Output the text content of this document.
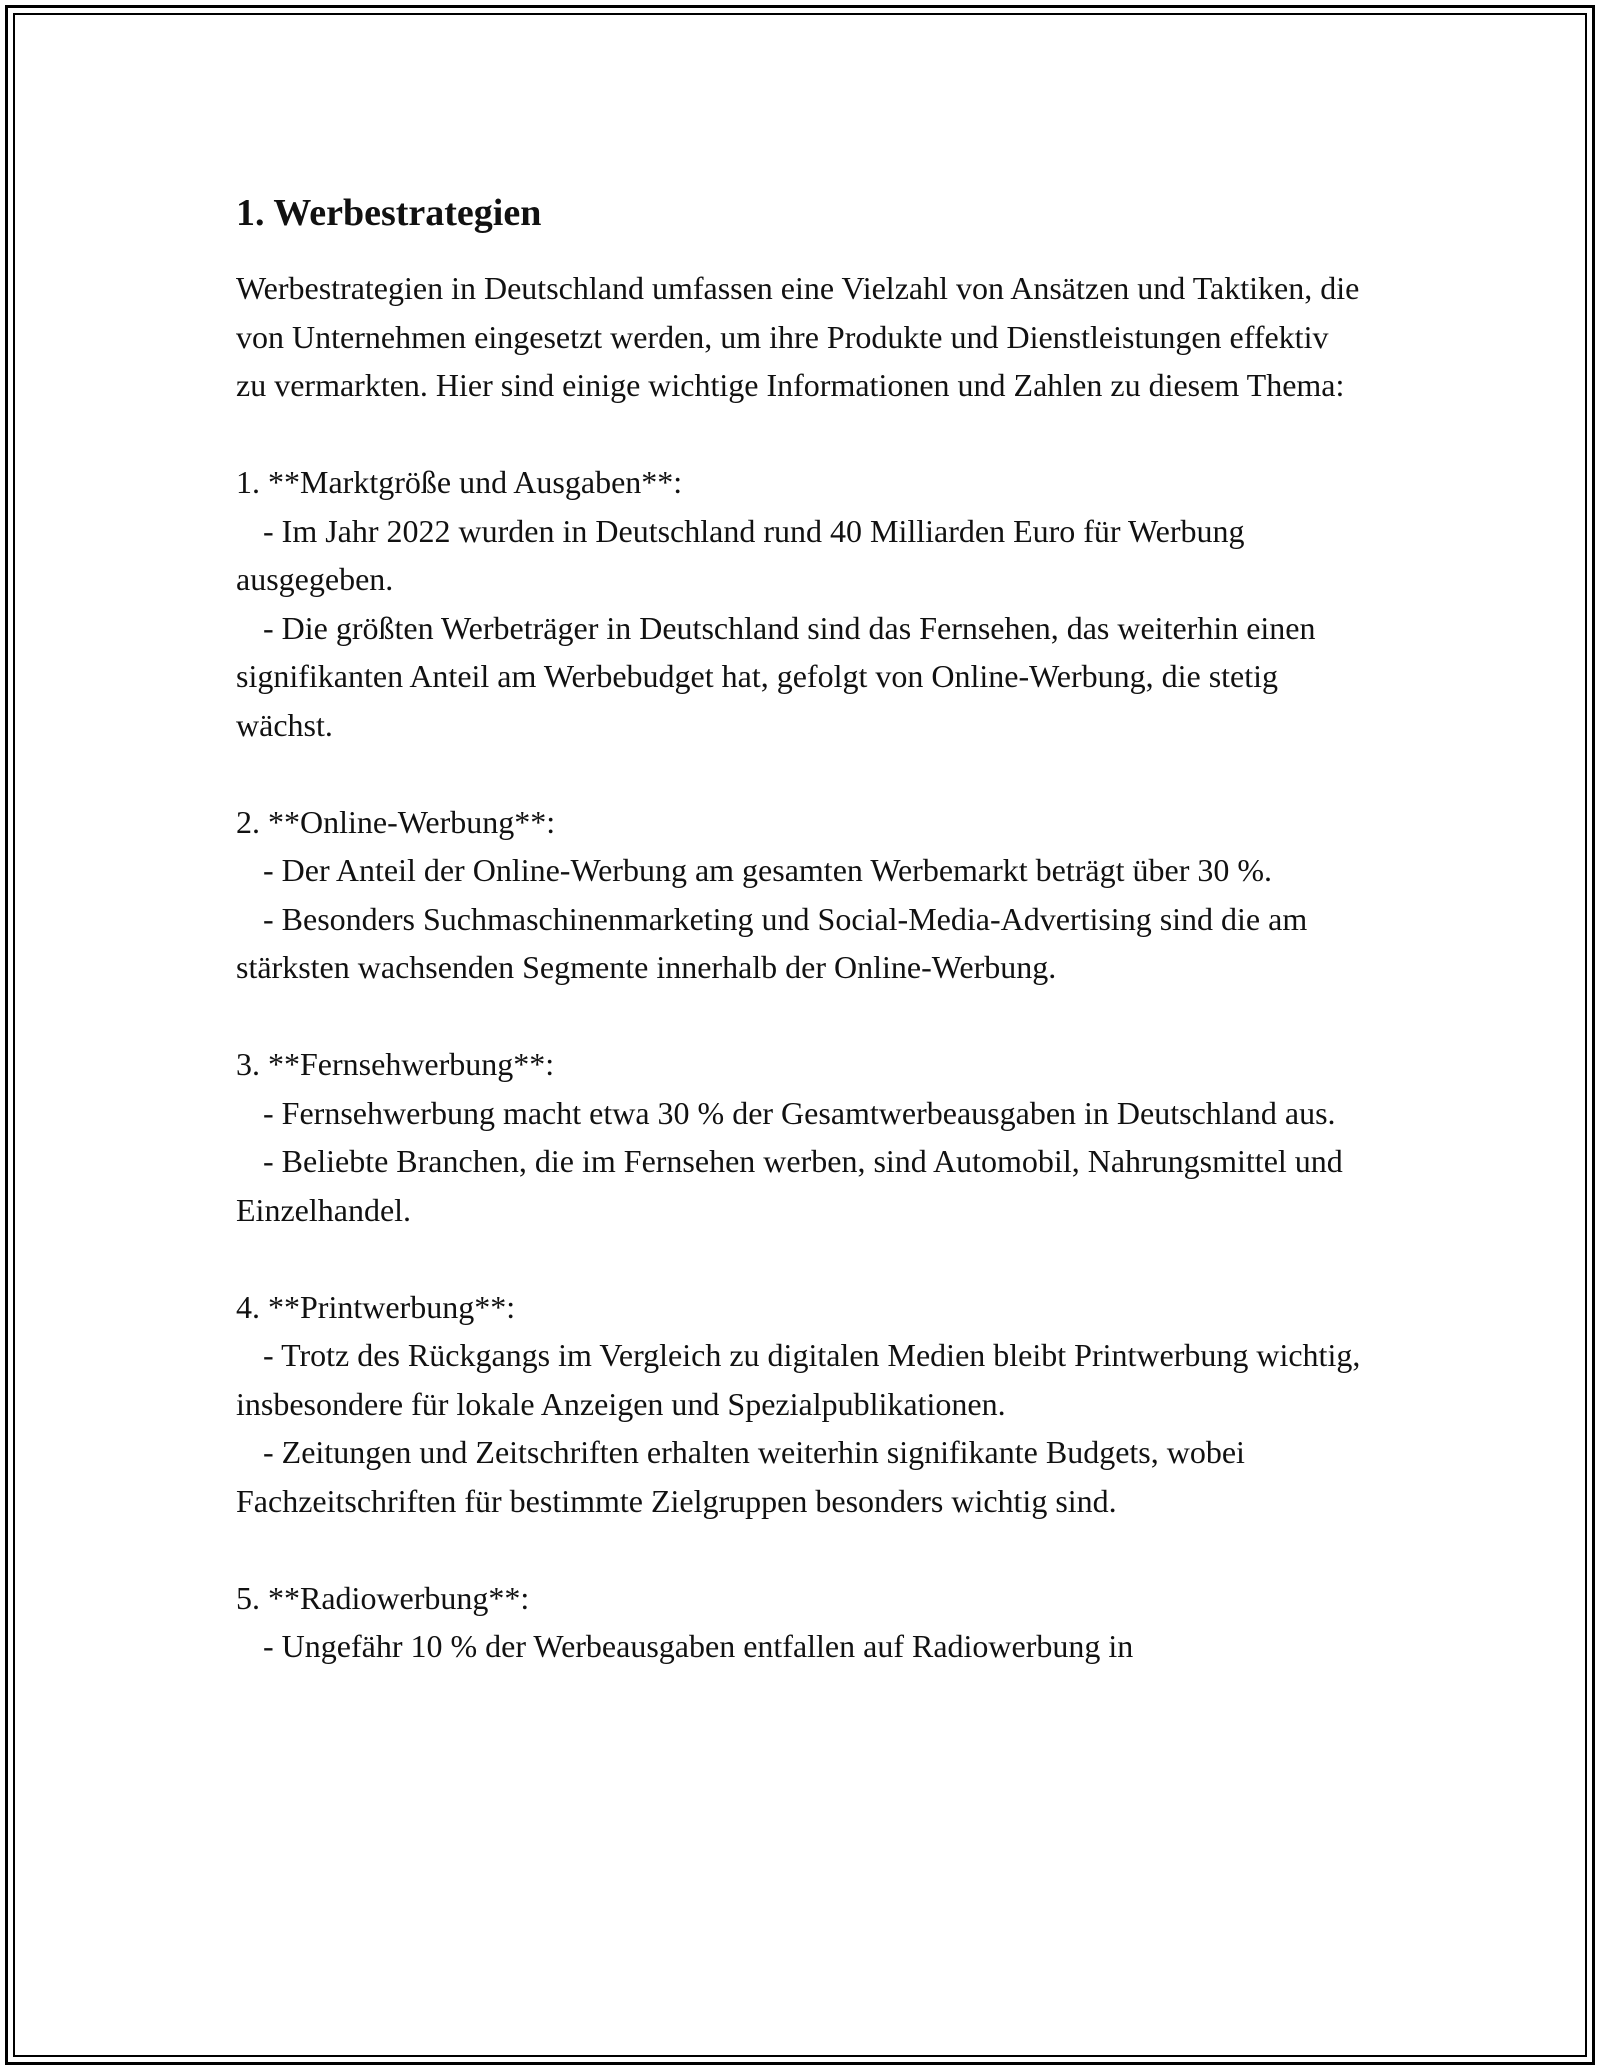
1. Werbestrategien

Werbestrategien in Deutschland umfassen eine Vielzahl von Ansätzen und Taktiken, die von Unternehmen eingesetzt werden, um ihre Produkte und Dienstleistungen effektiv zu vermarkten. Hier sind einige wichtige Informationen und Zahlen zu diesem Thema:

1. **Marktgröße und Ausgaben**:

- Im Jahr 2022 wurden in Deutschland rund 40 Milliarden Euro für Werbung ausgegeben.

- Die größten Werbeträger in Deutschland sind das Fernsehen, das weiterhin einen signifikanten Anteil am Werbebudget hat, gefolgt von Online-Werbung, die stetig wächst.

2. **Online-Werbung**:

- Der Anteil der Online-Werbung am gesamten Werbemarkt beträgt über 30 %.

- Besonders Suchmaschinenmarketing und Social-Media-Advertising sind die am stärksten wachsenden Segmente innerhalb der Online-Werbung.

3. **Fernsehwerbung**:

- Fernsehwerbung macht etwa 30 % der Gesamtwerbeausgaben in Deutschland aus.

- Beliebte Branchen, die im Fernsehen werben, sind Automobil, Nahrungsmittel und Einzelhandel.

4. **Printwerbung**:

- Trotz des Rückgangs im Vergleich zu digitalen Medien bleibt Printwerbung wichtig, insbesondere für lokale Anzeigen und Spezialpublikationen.

- Zeitungen und Zeitschriften erhalten weiterhin signifikante Budgets, wobei Fachzeitschriften für bestimmte Zielgruppen besonders wichtig sind.

5. **Radiowerbung**:

- Ungefähr 10 % der Werbeausgaben entfallen auf Radiowerbung in
